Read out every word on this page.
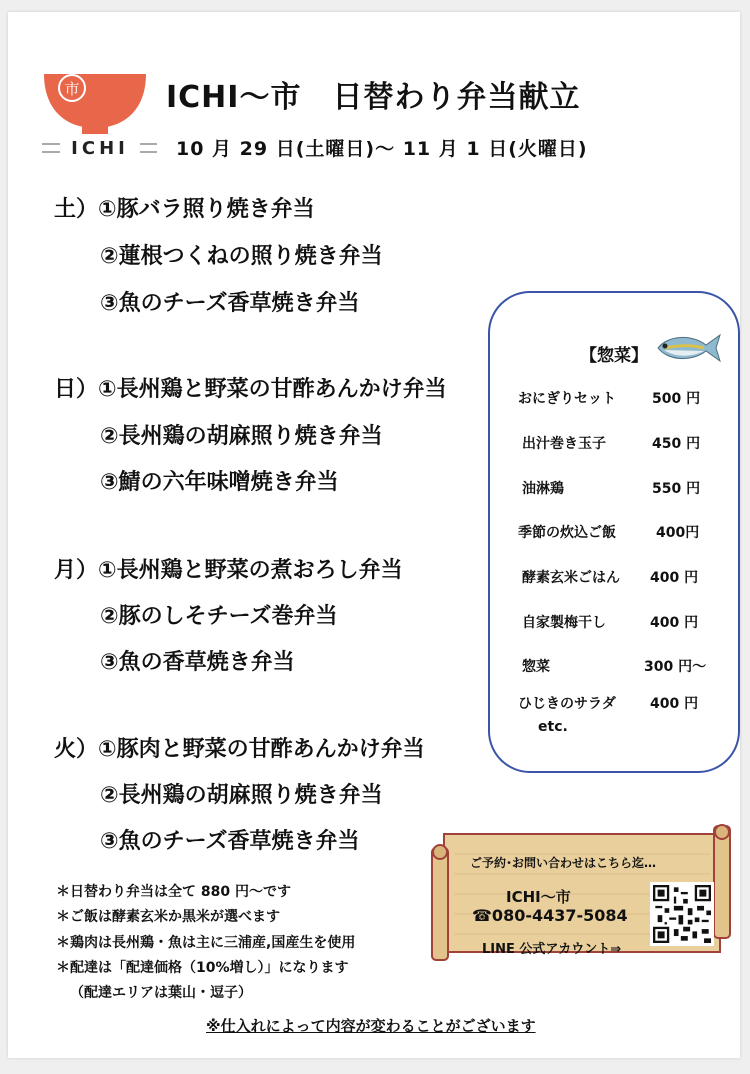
市
ICHI
ICHI～市　日替わり弁当献立
10 月 29 日(土曜日)～ 11 月 1 日(火曜日)
土）①豚バラ照り焼き弁当
②蓮根つくねの照り焼き弁当
③魚のチーズ香草焼き弁当
日）①長州鶏と野菜の甘酢あんかけ弁当
②長州鶏の胡麻照り焼き弁当
③鯖の六年味噌焼き弁当
月）①長州鶏と野菜の煮おろし弁当
②豚のしそチーズ巻弁当
③魚の香草焼き弁当
火）①豚肉と野菜の甘酢あんかけ弁当
②長州鶏の胡麻照り焼き弁当
③魚のチーズ香草焼き弁当
【惣菜】
おにぎりセット	500 円
出汁巻き玉子	450 円
油淋鶏	550 円
季節の炊込ご飯	400円
酵素玄米ごはん 400 円
自家製梅干し	400 円
惣菜	300 円～
ひじきのサラダ 400 円
etc.
＊日替わり弁当は全て 880 円～です
＊ご飯は酵素玄米か黒米が選べます
＊鶏肉は長州鶏・魚は主に三浦産,国産生を使用
＊配達は「配達価格（10%増し）」になります
（配達エリアは葉山・逗子）
ご予約･お問い合わせはこちら迄…
ICHI～市
☎080-4437-5084
LINE 公式アカウント⇒
※仕入れによって内容が変わることがございます
